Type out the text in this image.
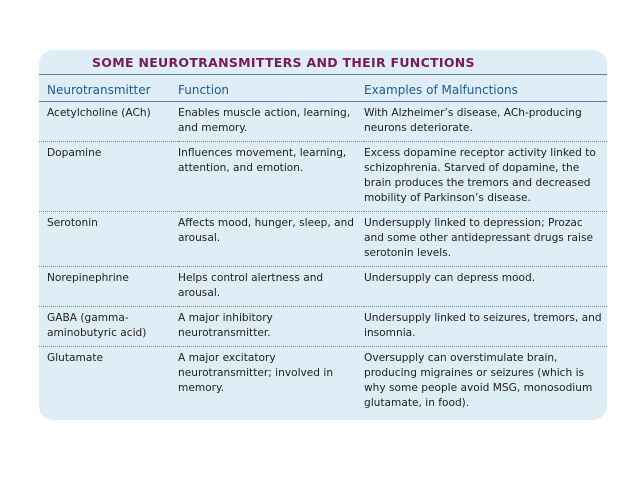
SOME NEUROTRANSMITTERS AND THEIR FUNCTIONS
Neurotransmitter	Function	Examples of Malfunctions
Acetylcholine (ACh)	Enables muscle action, learning, and memory.	With Alzheimer’s disease, ACh-producing neurons deteriorate.
Dopamine	Influences movement, learning, attention, and emotion.	Excess dopamine receptor activity linked to schizophrenia. Starved of dopamine, the brain produces the tremors and decreased mobility of Parkinson’s disease.
Serotonin	Affects mood, hunger, sleep, and arousal.	Undersupply linked to depression; Prozac and some other antidepressant drugs raise serotonin levels.
Norepinephrine	Helps control alertness and arousal.	Undersupply can depress mood.
GABA (gamma-aminobutyric acid)	A major inhibitory neurotransmitter.	Undersupply linked to seizures, tremors, and insomnia.
Glutamate	A major excitatory neurotransmitter; involved in memory.	Oversupply can overstimulate brain, producing migraines or seizures (which is why some people avoid MSG, monosodium glutamate, in food).
